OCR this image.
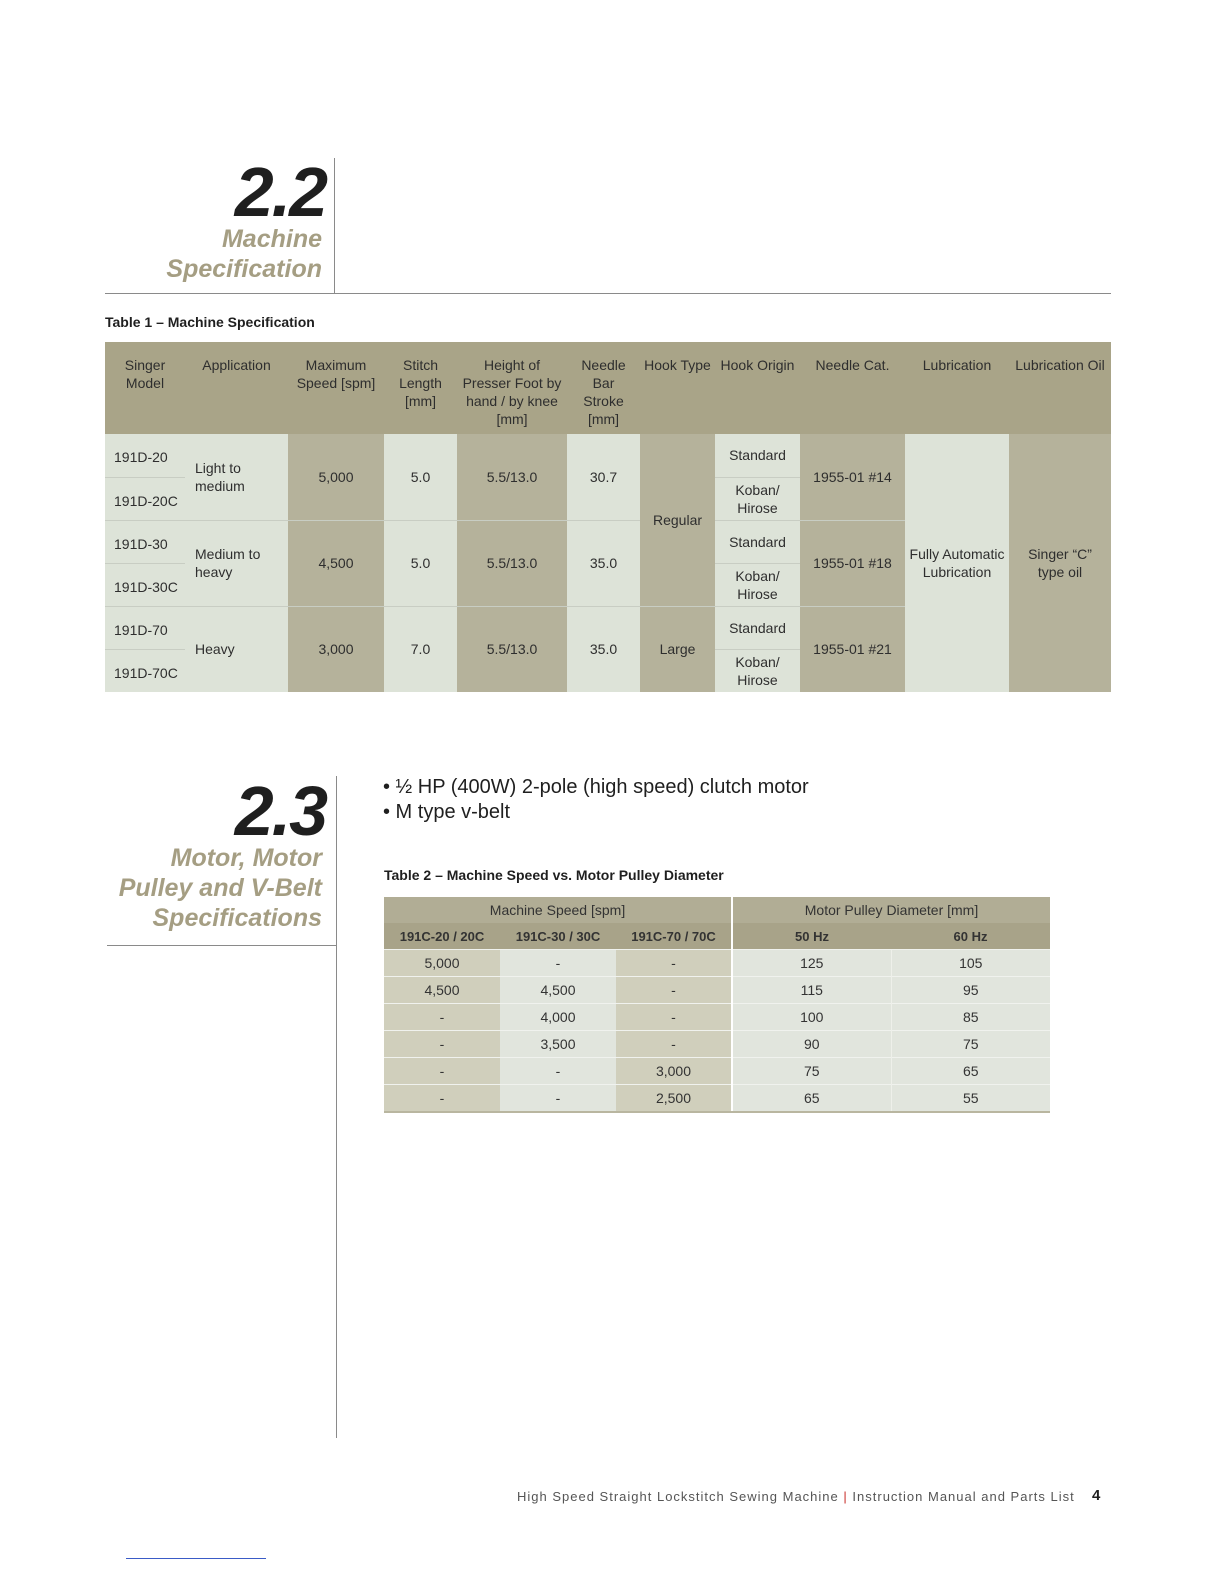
2.2
Machine
Specification
Table 1 – Machine Specification
Singer Model	Application	Maximum Speed [spm]	Stitch Length [mm]	Height of Presser Foot by hand / by knee [mm]	Needle Bar Stroke [mm]	Hook Type	Hook Origin	Needle Cat.	Lubrication	Lubrication Oil
191D-20	Light to medium	5,000	5.0	5.5/13.0	30.7	Regular	Standard	1955-01 #14	Fully Automatic Lubrication	Singer “C” type oil
191D-20C							Koban/ Hirose			
191D-30	Medium to heavy	4,500	5.0	5.5/13.0	35.0		Standard	1955-01 #18		
191D-30C							Koban/ Hirose			
191D-70	Heavy	3,000	7.0	5.5/13.0	35.0	Large	Standard	1955-01 #21		
191D-70C							Koban/ Hirose			
2.3
Motor, Motor
Pulley and V-Belt
Specifications
• ½ HP (400W) 2-pole (high speed) clutch motor
• M type v-belt
Table 2 – Machine Speed vs. Motor Pulley Diameter
Machine Speed [spm]			Motor Pulley Diameter [mm]	
191C-20 / 20C	191C-30 / 30C	191C-70 / 70C	50 Hz	60 Hz
5,000	-	-	125	105
4,500	4,500	-	115	95
-	4,000	-	100	85
-	3,500	-	90	75
-	-	3,000	75	65
-	-	2,500	65	55
High Speed Straight Lockstitch Sewing Machine | Instruction Manual and Parts List 4
